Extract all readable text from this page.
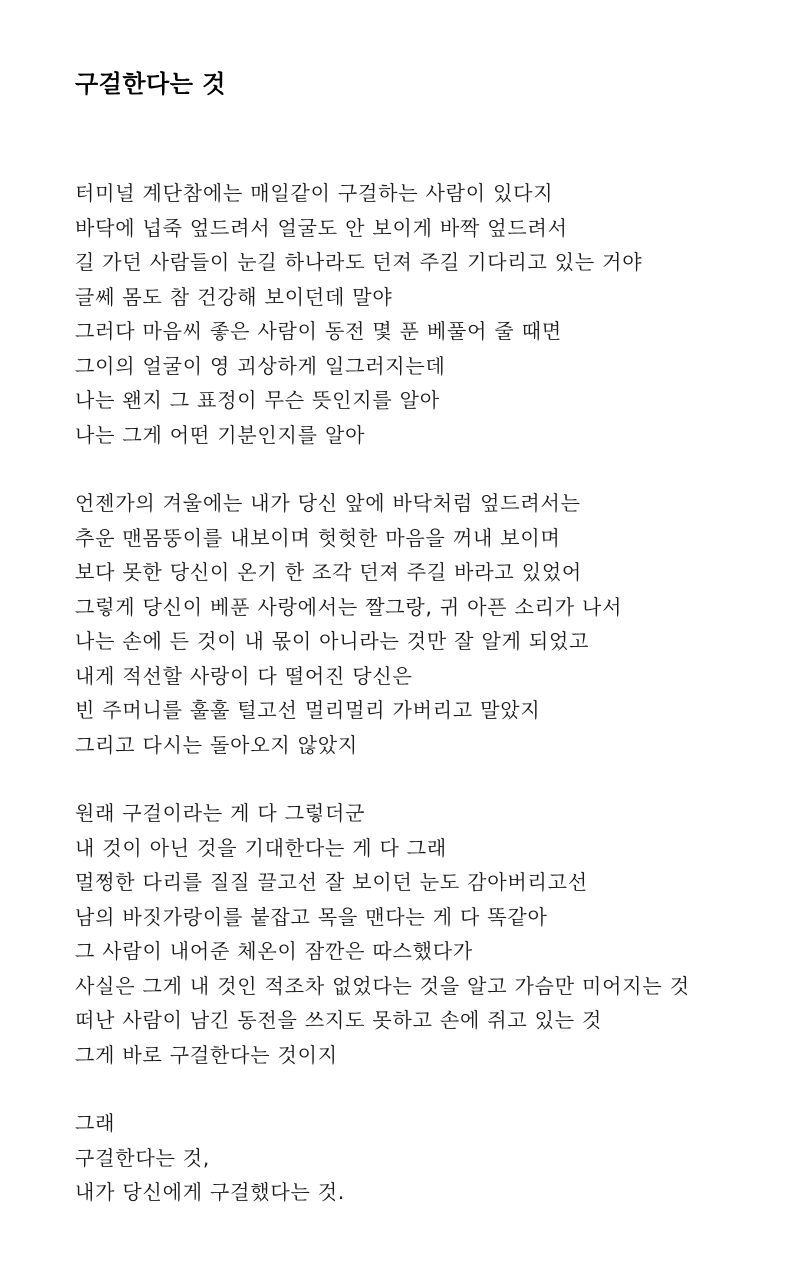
구걸한다는 것
터미널 계단참에는 매일같이 구걸하는 사람이 있다지
바닥에 넙죽 엎드려서 얼굴도 안 보이게 바짝 엎드려서
길 가던 사람들이 눈길 하나라도 던져 주길 기다리고 있는 거야
글쎄 몸도 참 건강해 보이던데 말야
그러다 마음씨 좋은 사람이 동전 몇 푼 베풀어 줄 때면
그이의 얼굴이 영 괴상하게 일그러지는데
나는 왠지 그 표정이 무슨 뜻인지를 알아
나는 그게 어떤 기분인지를 알아
언젠가의 겨울에는 내가 당신 앞에 바닥처럼 엎드려서는
추운 맨몸뚱이를 내보이며 헛헛한 마음을 꺼내 보이며
보다 못한 당신이 온기 한 조각 던져 주길 바라고 있었어
그렇게 당신이 베푼 사랑에서는 짤그랑, 귀 아픈 소리가 나서
나는 손에 든 것이 내 몫이 아니라는 것만 잘 알게 되었고
내게 적선할 사랑이 다 떨어진 당신은
빈 주머니를 훌훌 털고선 멀리멀리 가버리고 말았지
그리고 다시는 돌아오지 않았지
원래 구걸이라는 게 다 그렇더군
내 것이 아닌 것을 기대한다는 게 다 그래
멀쩡한 다리를 질질 끌고선 잘 보이던 눈도 감아버리고선
남의 바짓가랑이를 붙잡고 목을 맨다는 게 다 똑같아
그 사람이 내어준 체온이 잠깐은 따스했다가
사실은 그게 내 것인 적조차 없었다는 것을 알고 가슴만 미어지는 것
떠난 사람이 남긴 동전을 쓰지도 못하고 손에 쥐고 있는 것
그게 바로 구걸한다는 것이지
그래
구걸한다는 것,
내가 당신에게 구걸했다는 것.
